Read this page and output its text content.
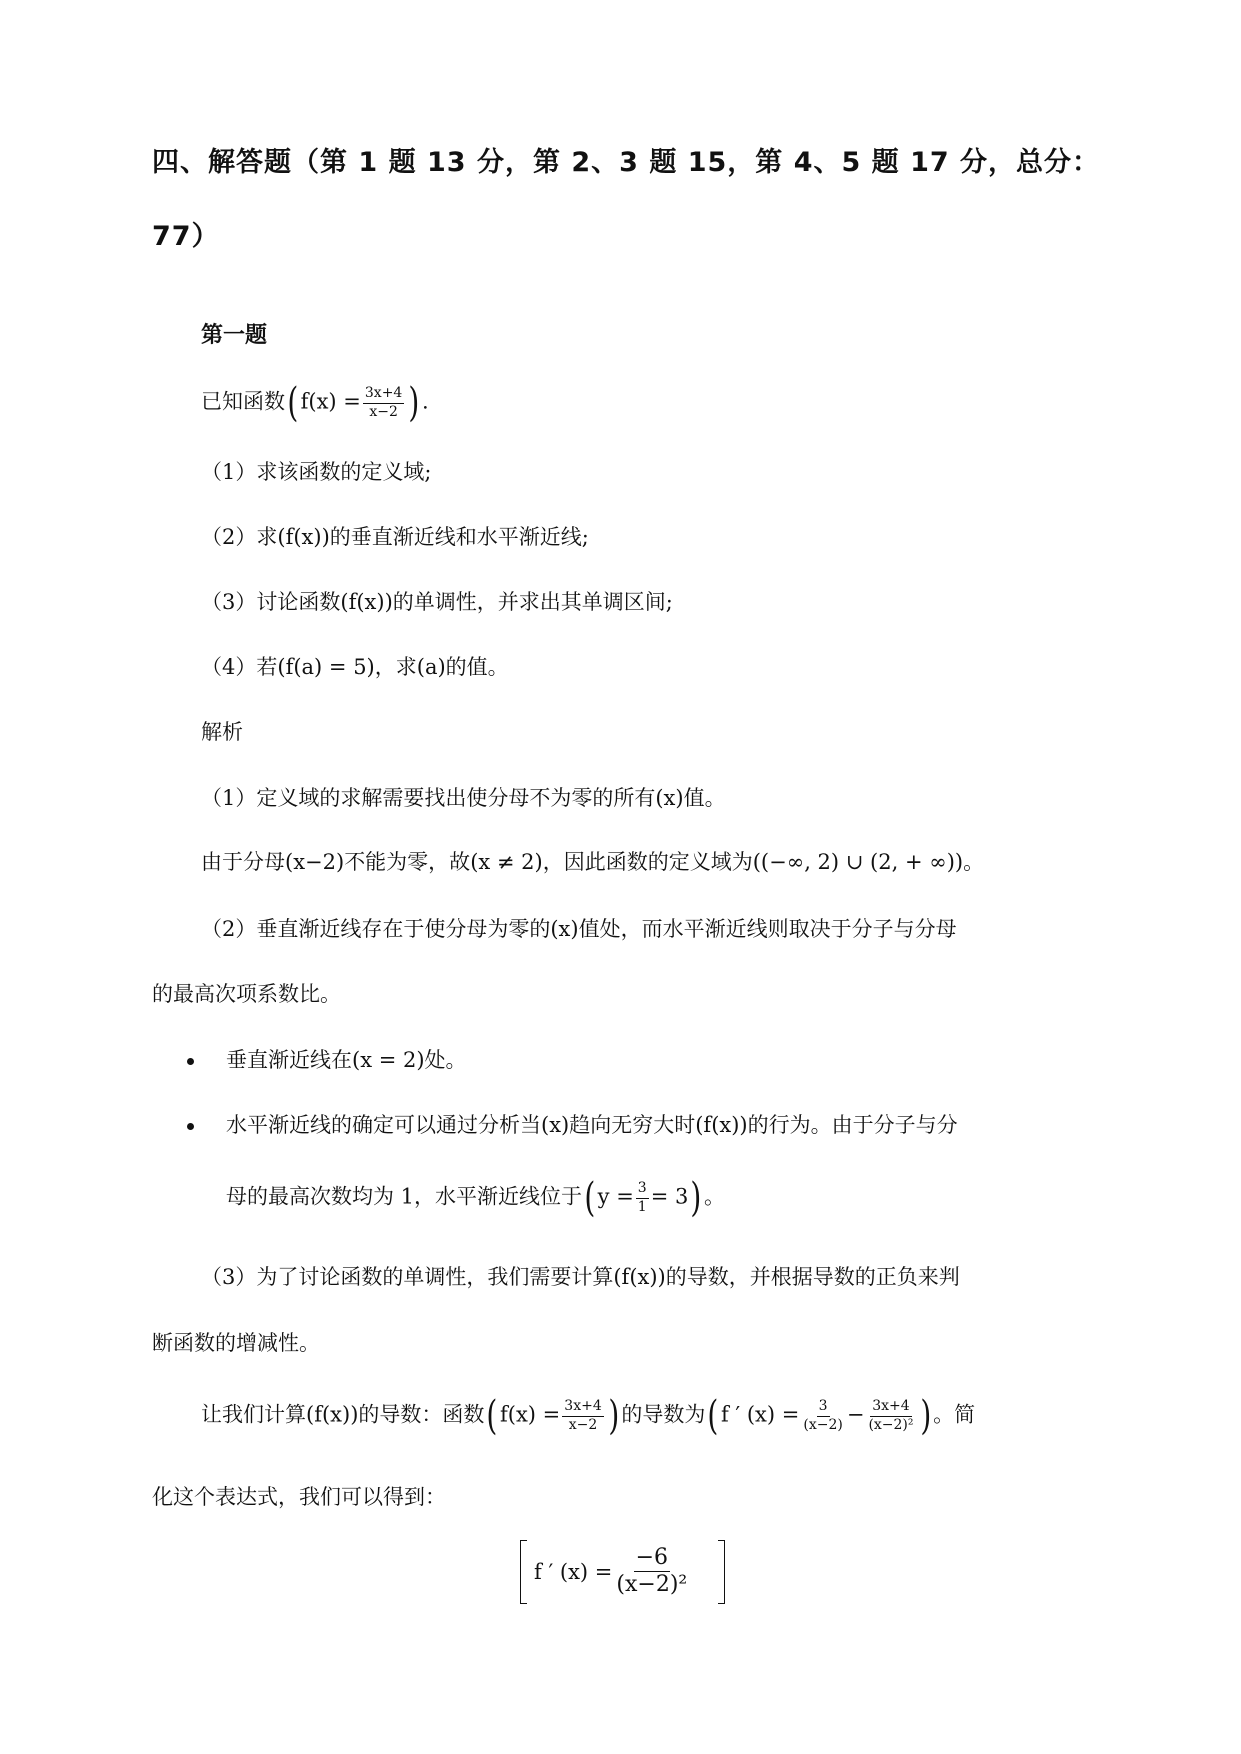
四、解答题（第 1 题 13 分，第 2、3 题 15，第 4、5 题 17 分，总分：
77）
第一题
已知函数( $f(x) = \frac{3x+4}{x-2}$ ) .
（1）求该函数的定义域;
（2）求(f(x))的垂直渐近线和水平渐近线;
（3）讨论函数(f(x))的单调性，并求出其单调区间;
（4）若(f(a) = 5)，求(a)的值。
解析
（1）定义域的求解需要找出使分母不为零的所有(x)值。
由于分母(x−2)不能为零，故(x ≠ 2)，因此函数的定义域为((−∞, 2) ∪ (2, + ∞))。
（2）垂直渐近线存在于使分母为零的(x)值处，而水平渐近线则取决于分子与分母
的最高次项系数比。
垂直渐近线在(x = 2)处。
水平渐近线的确定可以通过分析当(x)趋向无穷大时(f(x))的行为。由于分子与分
母的最高次数均为 1，水平渐近线位于( $y = \frac{3}{1} = 3$) 。
（3）为了讨论函数的单调性，我们需要计算(f(x))的导数，并根据导数的正负来判
断函数的增减性。
让我们计算(f(x))的导数：函数( $f(x) = \frac{3x+4}{x-2}$ ) 的导数为( f ′ $(x) = \frac{3}{(x-2)} - \frac{3x+4}{\text{(x−2)²}}$ ) 。简
化这个表达式，我们可以得到：
f ′ $(x) = \frac{-6}{\text{(x−2)²}}$
